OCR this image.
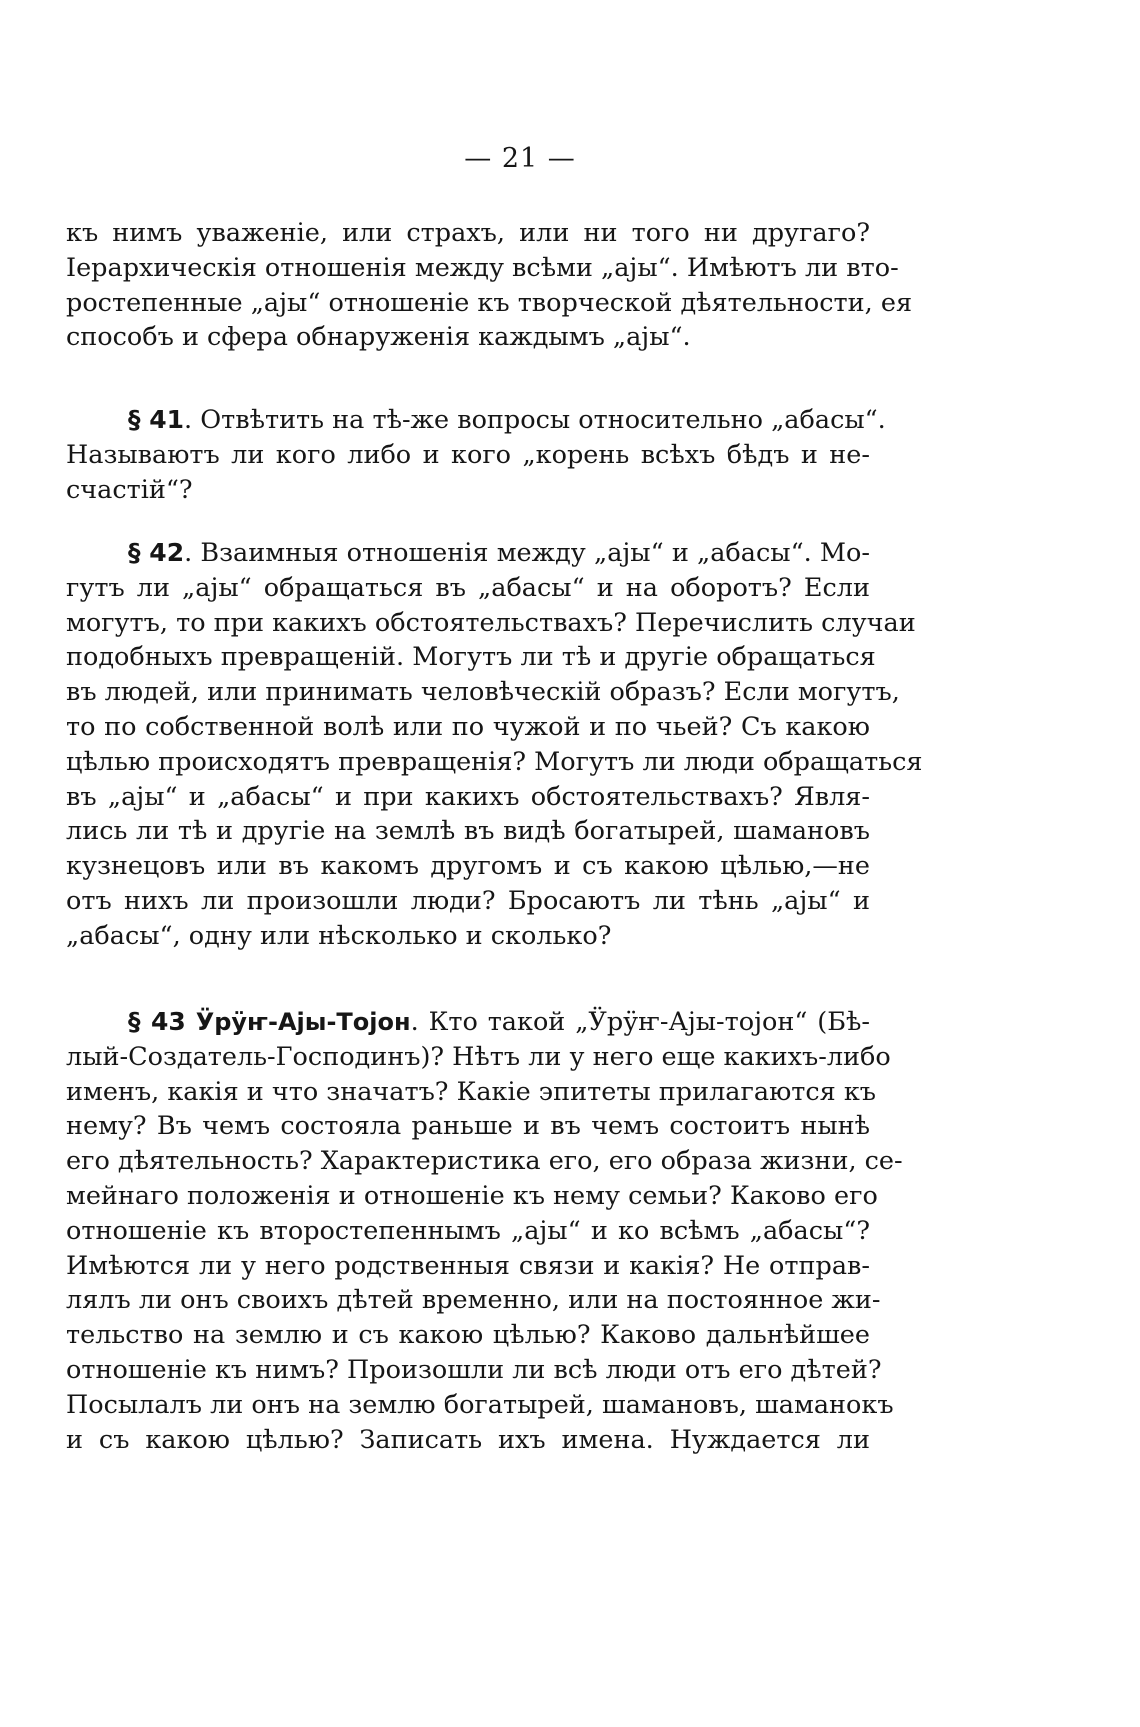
— 21 —
къ нимъ уваженіе, или страхъ, или ни того ни другаго?
Іерархическія отношенія между всѣми „ајы“. Имѣютъ ли вто-
ростепенные „ајы“ отношеніе къ творческой дѣятельности, ея
способъ и сфера обнаруженія каждымъ „ајы“.
§ 41. Отвѣтить на тѣ-же вопросы относительно „абасы“.
Называютъ ли кого либо и кого „корень всѣхъ бѣдъ и не-
счастій“?
§ 42. Взаимныя отношенія между „ајы“ и „абасы“. Мо-
гутъ ли „ајы“ обращаться въ „абасы“ и на оборотъ? Если
могутъ, то при какихъ обстоятельствахъ? Перечислить случаи
подобныхъ превращеній. Могутъ ли тѣ и другіе обращаться
въ людей, или принимать человѣческій образъ? Если могутъ,
то по собственной волѣ или по чужой и по чьей? Съ какою
цѣлью происходятъ превращенія? Могутъ ли люди обращаться
въ „ајы“ и „абасы“ и при какихъ обстоятельствахъ? Явля-
лись ли тѣ и другіе на землѣ въ видѣ богатырей, шамановъ
кузнецовъ или въ какомъ другомъ и съ какою цѣлью,—не
отъ нихъ ли произошли люди? Бросаютъ ли тѣнь „ајы“ и
„абасы“, одну или нѣсколько и сколько?
§ 43 Ӱрӱҥ-Ајы-Тојон. Кто такой „Ӱрӱҥ-Ајы-тојон“ (Бѣ-
лый-Создатель-Господинъ)? Нѣтъ ли у него еще какихъ-либо
именъ, какія и что значатъ? Какіе эпитеты прилагаются къ
нему? Въ чемъ состояла раньше и въ чемъ состоитъ нынѣ
его дѣятельность? Характеристика его, его образа жизни, се-
мейнаго положенія и отношеніе къ нему семьи? Каково его
отношеніе къ второстепеннымъ „ајы“ и ко всѣмъ „абасы“?
Имѣются ли у него родственныя связи и какія? Не отправ-
лялъ ли онъ своихъ дѣтей временно, или на постоянное жи-
тельство на землю и съ какою цѣлью? Каково дальнѣйшее
отношеніе къ нимъ? Произошли ли всѣ люди отъ его дѣтей?
Посылалъ ли онъ на землю богатырей, шамановъ, шаманокъ
и съ какою цѣлью? Записать ихъ имена. Нуждается ли
